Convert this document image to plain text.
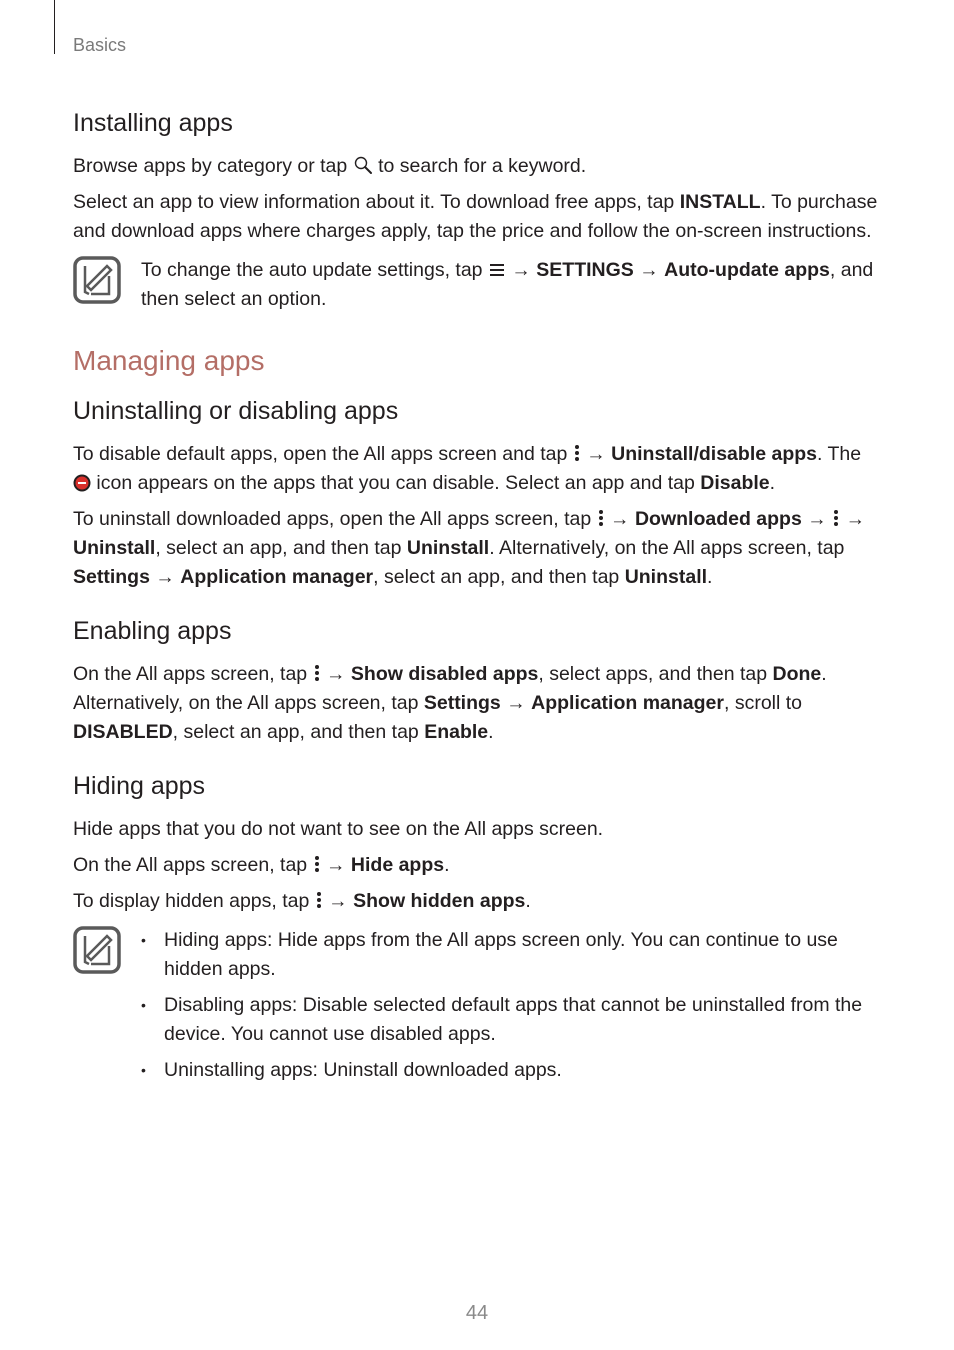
Basics
Installing apps

Browse apps by category or tap  to search for a keyword.

Select an app to view information about it. To download free apps, tap INSTALL. To purchase and download apps where charges apply, tap the price and follow the on-screen instructions.

To change the auto update settings, tap  → SETTINGS → Auto-update apps, and then select an option.

Managing apps
Uninstalling or disabling apps

To disable default apps, open the All apps screen and tap  → Uninstall/disable apps. The  icon appears on the apps that you can disable. Select an app and tap Disable.

To uninstall downloaded apps, open the All apps screen, tap  → Downloaded apps →  → Uninstall, select an app, and then tap Uninstall. Alternatively, on the All apps screen, tap Settings → Application manager, select an app, and then tap Uninstall.

Enabling apps

On the All apps screen, tap  → Show disabled apps, select apps, and then tap Done. Alternatively, on the All apps screen, tap Settings → Application manager, scroll to DISABLED, select an app, and then tap Enable.

Hiding apps

Hide apps that you do not want to see on the All apps screen.

On the All apps screen, tap  → Hide apps.

To display hidden apps, tap  → Show hidden apps.

• Hiding apps: Hide apps from the All apps screen only. You can continue to use hidden apps.
• Disabling apps: Disable selected default apps that cannot be uninstalled from the device. You cannot use disabled apps.
• Uninstalling apps: Uninstall downloaded apps.
44
